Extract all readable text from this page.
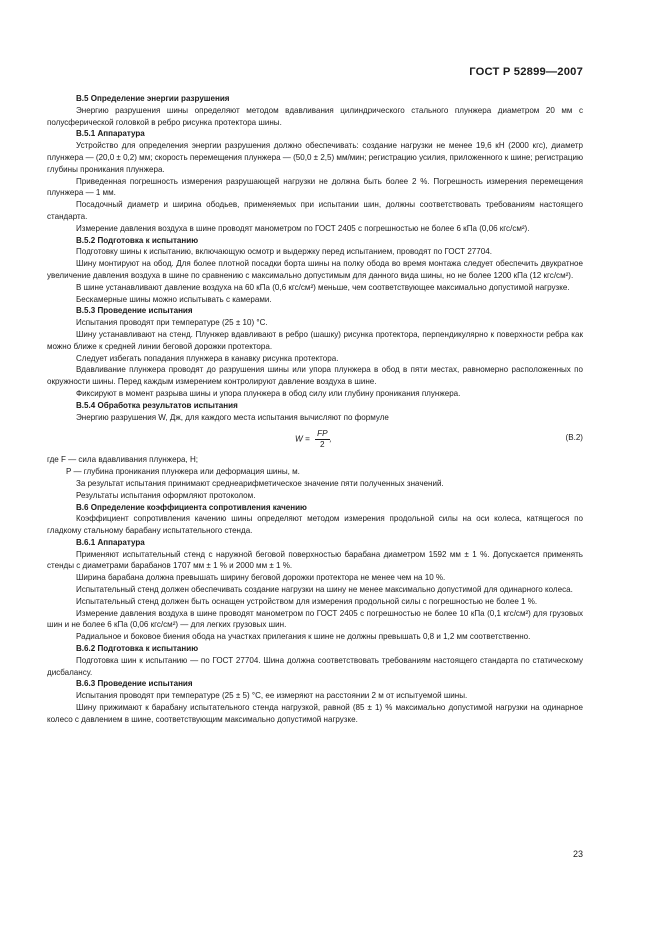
ГОСТ Р 52899—2007
В.5 Определение энергии разрушения

Энергию разрушения шины определяют методом вдавливания цилиндрического стального плунжера диаметром 20 мм с полусферической головкой в ребро рисунка протектора шины.

В.5.1 Аппаратура

Устройство для определения энергии разрушения должно обеспечивать: создание нагрузки не менее 19,6 кН (2000 кгс), диаметр плунжера — (20,0 ± 0,2) мм; скорость перемещения плунжера — (50,0 ± 2,5) мм/мин; регистрацию усилия, приложенного к шине; регистрацию глубины проникания плунжера.

Приведенная погрешность измерения разрушающей нагрузки не должна быть более 2 %. Погрешность измерения перемещения плунжера — 1 мм.

Посадочный диаметр и ширина ободьев, применяемых при испытании шин, должны соответствовать требованиям настоящего стандарта.

Измерение давления воздуха в шине проводят манометром по ГОСТ 2405 с погрешностью не более 6 кПа (0,06 кгс/см²).

В.5.2 Подготовка к испытанию

Подготовку шины к испытанию, включающую осмотр и выдержку перед испытанием, проводят по ГОСТ 27704.

Шину монтируют на обод. Для более плотной посадки борта шины на полку обода во время монтажа следует обеспечить двукратное увеличение давления воздуха в шине по сравнению с максимально допустимым для данного вида шины, но не более 1200 кПа (12 кгс/см²).

В шине устанавливают давление воздуха на 60 кПа (0,6 кгс/см²) меньше, чем соответствующее максимально допустимой нагрузке.

Бескамерные шины можно испытывать с камерами.

В.5.3 Проведение испытания

Испытания проводят при температуре (25 ± 10) °С.

Шину устанавливают на стенд. Плунжер вдавливают в ребро (шашку) рисунка протектора, перпендикулярно к поверхности ребра как можно ближе к средней линии беговой дорожки протектора.

Следует избегать попадания плунжера в канавку рисунка протектора.

Вдавливание плунжера проводят до разрушения шины или упора плунжера в обод в пяти местах, равномерно расположенных по окружности шины. Перед каждым измерением контролируют давление воздуха в шине.

Фиксируют в момент разрыва шины и упора плунжера в обод силу или глубину проникания плунжера.

В.5.4 Обработка результатов испытания

Энергию разрушения W, Дж, для каждого места испытания вычисляют по формуле

$W = \frac{FP}{2}$ ,	(В.2)

где F — сила вдавливания плунжера, Н;

P — глубина проникания плунжера или деформация шины, м.

За результат испытания принимают среднеарифметическое значение пяти полученных значений.

Результаты испытания оформляют протоколом.

В.6 Определение коэффициента сопротивления качению

Коэффициент сопротивления качению шины определяют методом измерения продольной силы на оси колеса, катящегося по гладкому стальному барабану испытательного стенда.

В.6.1 Аппаратура

Применяют испытательный стенд с наружной беговой поверхностью барабана диаметром 1592 мм ± 1 %. Допускается применять стенды с диаметрами барабанов 1707 мм ± 1 % и 2000 мм ± 1 %.

Ширина барабана должна превышать ширину беговой дорожки протектора не менее чем на 10 %.

Испытательный стенд должен обеспечивать создание нагрузки на шину не менее максимально допустимой для одинарного колеса.

Испытательный стенд должен быть оснащен устройством для измерения продольной силы с погрешностью не более 1 %.

Измерение давления воздуха в шине проводят манометром по ГОСТ 2405 с погрешностью не более 10 кПа (0,1 кгс/см²) для грузовых шин и не более 6 кПа (0,06 кгс/см²) — для легких грузовых шин.

Радиальное и боковое биения обода на участках прилегания к шине не должны превышать 0,8 и 1,2 мм соответственно.

В.6.2 Подготовка к испытанию

Подготовка шин к испытанию — по ГОСТ 27704. Шина должна соответствовать требованиям настоящего стандарта по статическому дисбалансу.

В.6.3 Проведение испытания

Испытания проводят при температуре (25 ± 5) °С, ее измеряют на расстоянии 2 м от испытуемой шины.

Шину прижимают к барабану испытательного стенда нагрузкой, равной (85 ± 1) % максимально допустимой нагрузки на одинарное колесо с давлением в шине, соответствующим максимально допустимой нагрузке.

23
